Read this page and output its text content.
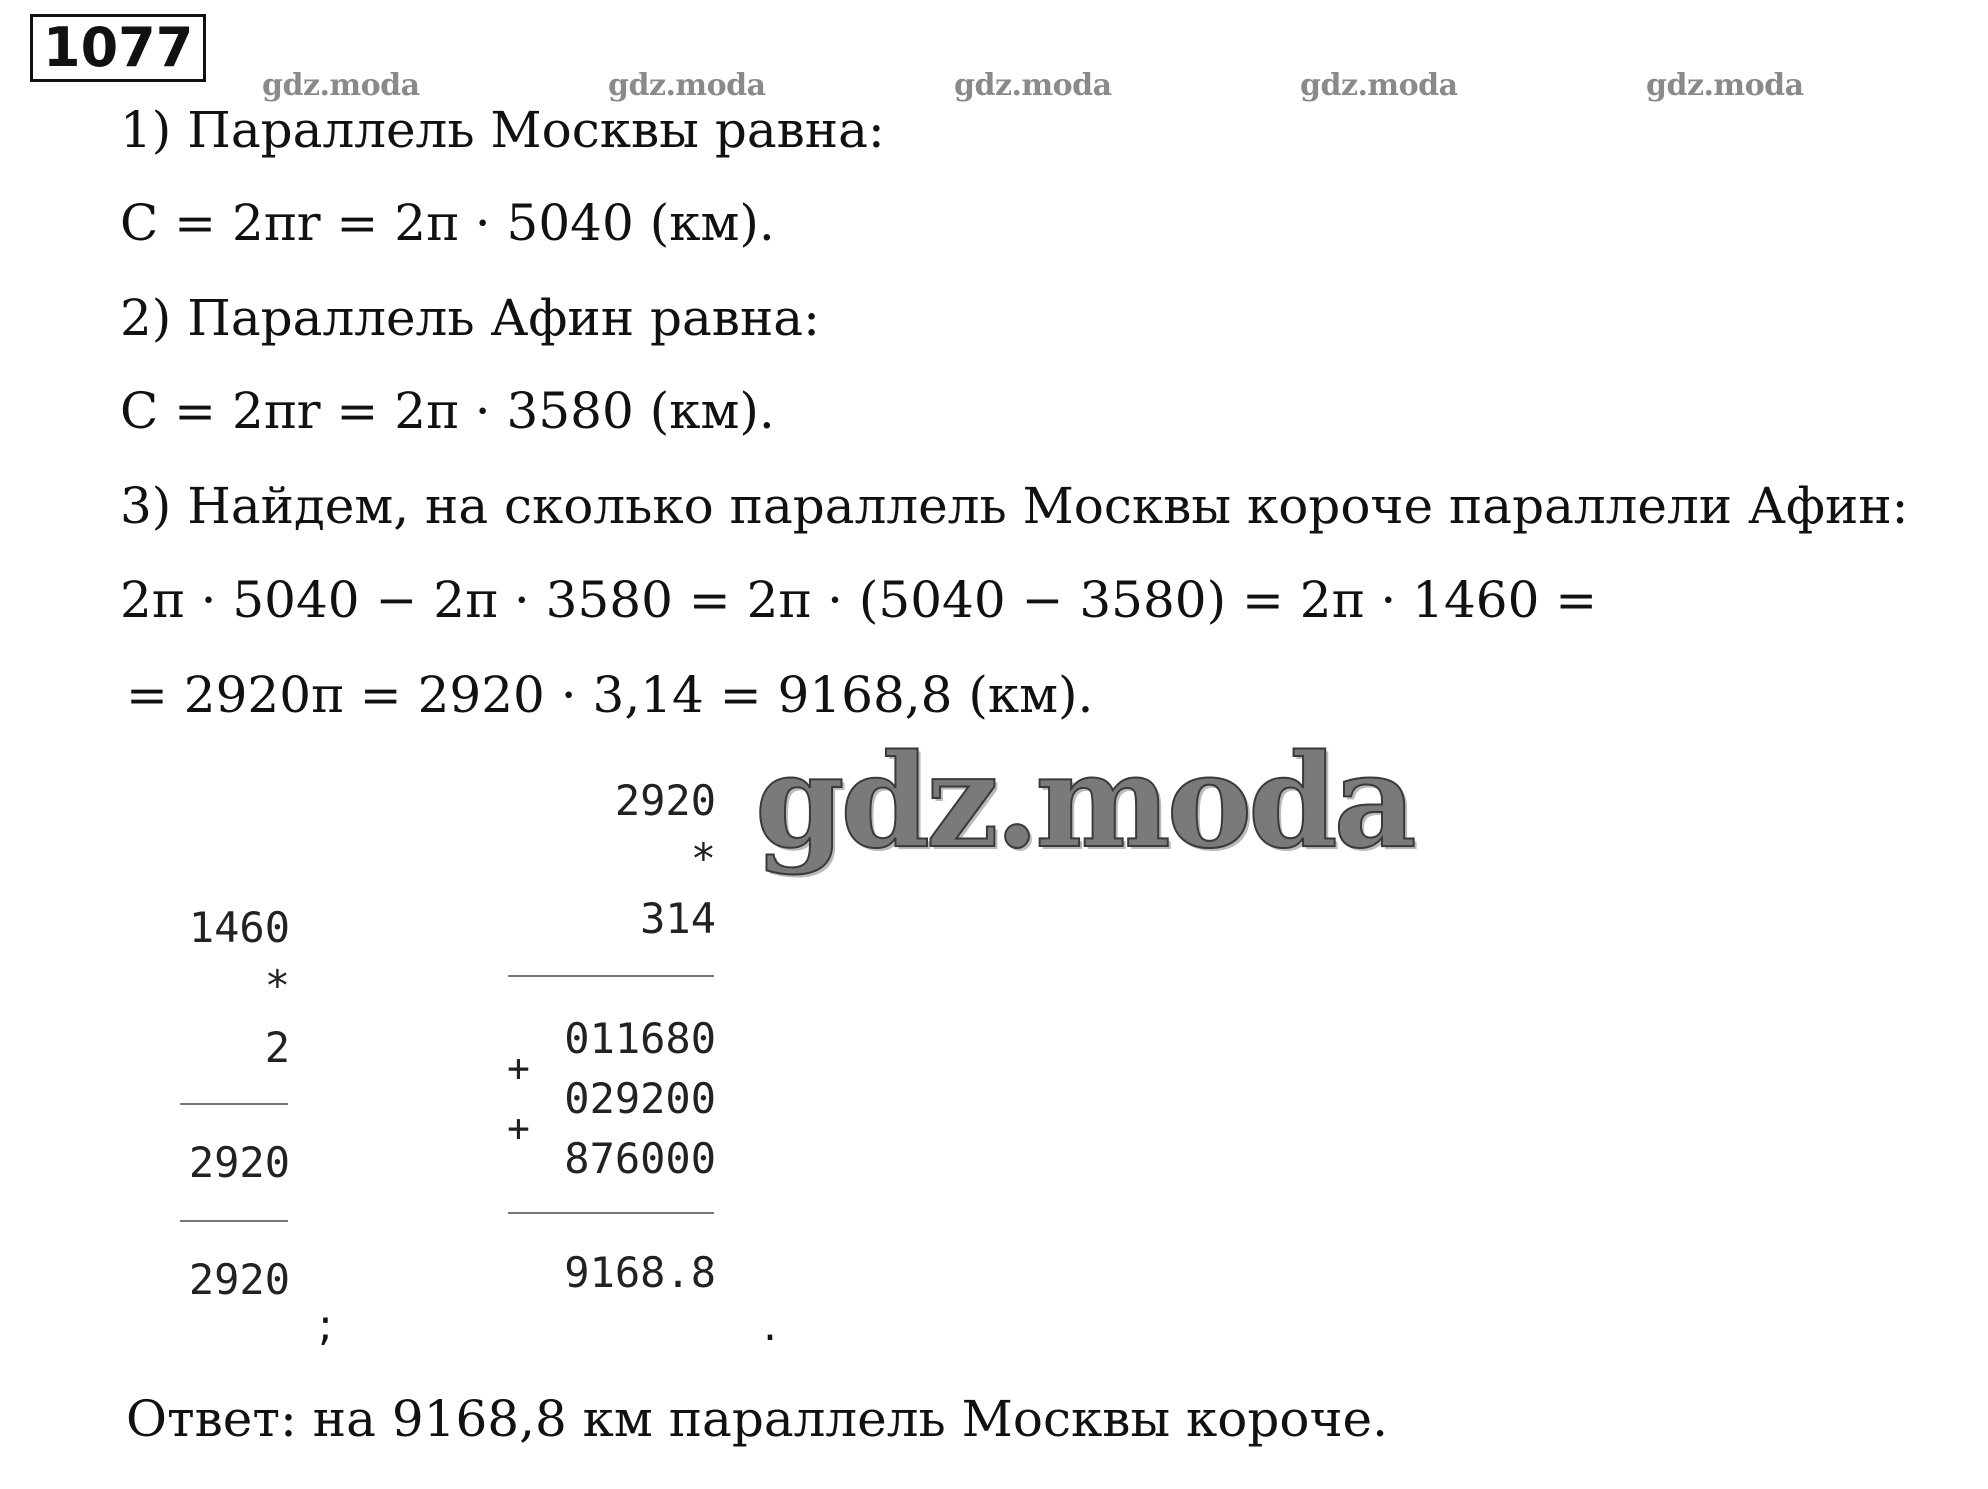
1077
gdz.moda	gdz.moda	gdz.moda	gdz.moda	gdz.moda
1) Параллель Москвы равна:
C = 2πr = 2π · 5040 (км).
2) Параллель Афин равна:
C = 2πr = 2π · 3580 (км).
3) Найдем, на сколько параллель Москвы короче параллели Афин:
2π · 5040 − 2π · 3580 = 2π · (5040 − 3580) = 2π · 1460 =
= 2920π = 2920 · 3,14 = 9168,8 (км).
gdz.moda
1460
*
2
2920
2920
;
2920
*
314
011680
+
029200
+
876000
9168.8
.
Ответ: на 9168,8 км параллель Москвы короче.
